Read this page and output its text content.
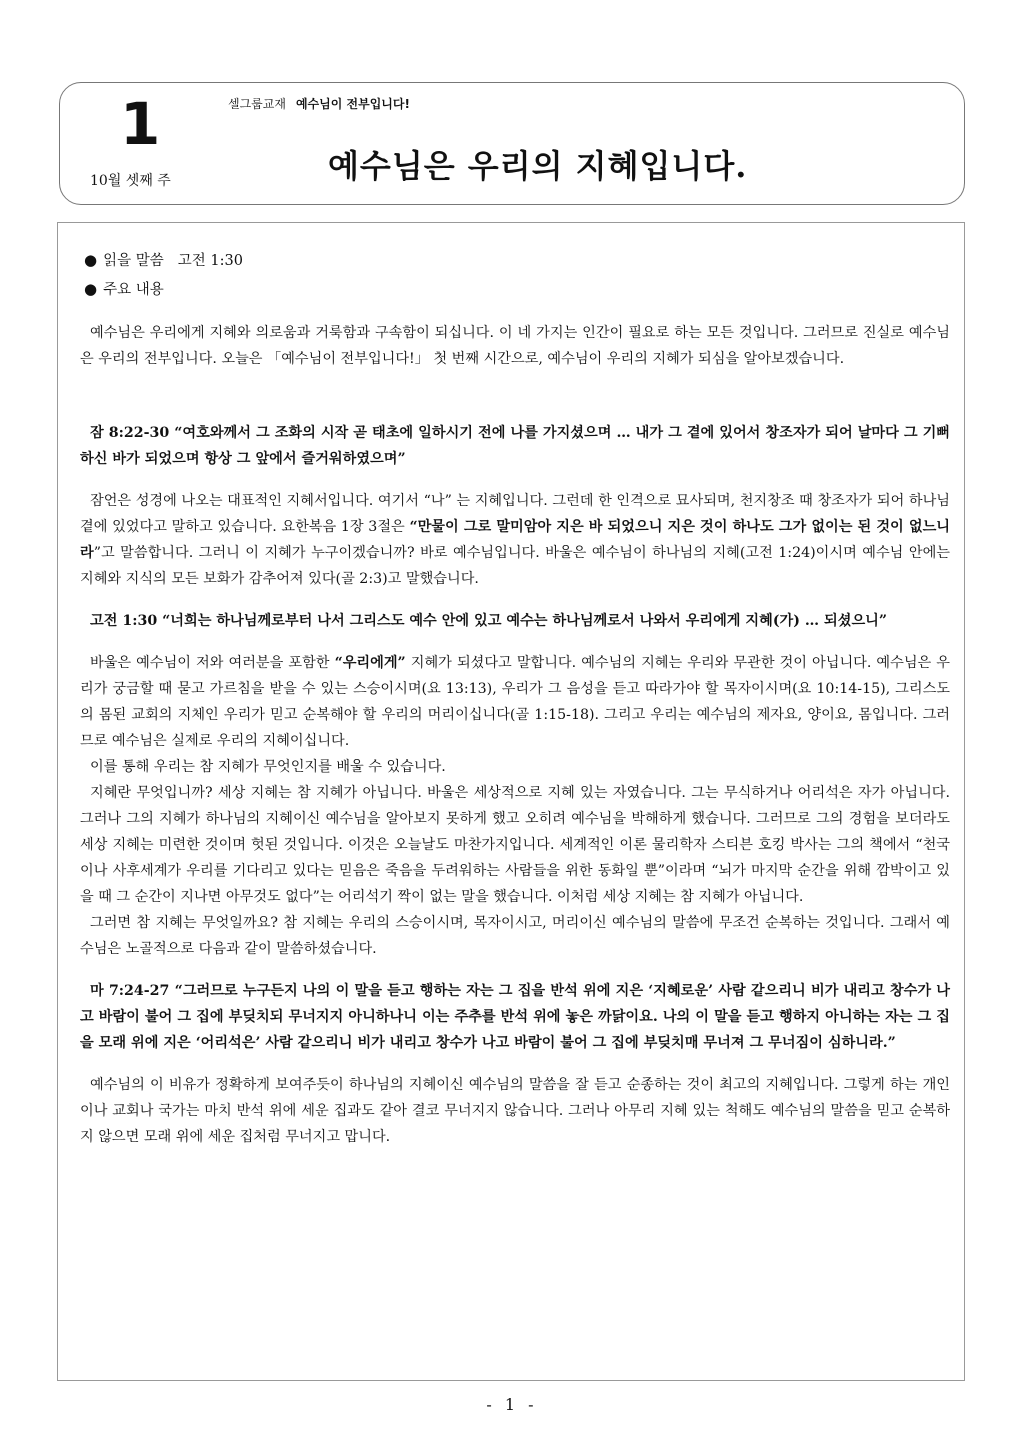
1
10월 셋째 주
셀그룹교재 예수님이 전부입니다!
예수님은 우리의 지혜입니다.
● 읽을 말씀 고전 1:30
● 주요 내용

예수님은 우리에게 지혜와 의로움과 거룩함과 구속함이 되십니다. 이 네 가지는 인간이 필요로 하는 모든 것입니다. 그러므로 진실로 예수님은 우리의 전부입니다. 오늘은 「예수님이 전부입니다!」 첫 번째 시간으로, 예수님이 우리의 지혜가 되심을 알아보겠습니다.

잠 8:22-30 “여호와께서 그 조화의 시작 곧 태초에 일하시기 전에 나를 가지셨으며 … 내가 그 곁에 있어서 창조자가 되어 날마다 그 기뻐하신 바가 되었으며 항상 그 앞에서 즐거워하였으며”

잠언은 성경에 나오는 대표적인 지혜서입니다. 여기서 “나” 는 지혜입니다. 그런데 한 인격으로 묘사되며, 천지창조 때 창조자가 되어 하나님 곁에 있었다고 말하고 있습니다. 요한복음 1장 3절은 “만물이 그로 말미암아 지은 바 되었으니 지은 것이 하나도 그가 없이는 된 것이 없느니라”고 말씀합니다. 그러니 이 지혜가 누구이겠습니까? 바로 예수님입니다. 바울은 예수님이 하나님의 지혜(고전 1:24)이시며 예수님 안에는 지혜와 지식의 모든 보화가 감추어져 있다(골 2:3)고 말했습니다.

고전 1:30 “너희는 하나님께로부터 나서 그리스도 예수 안에 있고 예수는 하나님께로서 나와서 우리에게 지혜(가) … 되셨으니”

바울은 예수님이 저와 여러분을 포함한 “우리에게” 지혜가 되셨다고 말합니다. 예수님의 지혜는 우리와 무관한 것이 아닙니다. 예수님은 우리가 궁금할 때 묻고 가르침을 받을 수 있는 스승이시며(요 13:13), 우리가 그 음성을 듣고 따라가야 할 목자이시며(요 10:14-15), 그리스도의 몸된 교회의 지체인 우리가 믿고 순복해야 할 우리의 머리이십니다(골 1:15-18). 그리고 우리는 예수님의 제자요, 양이요, 몸입니다. 그러므로 예수님은 실제로 우리의 지혜이십니다.

이를 통해 우리는 참 지혜가 무엇인지를 배울 수 있습니다.

지혜란 무엇입니까? 세상 지혜는 참 지혜가 아닙니다. 바울은 세상적으로 지혜 있는 자였습니다. 그는 무식하거나 어리석은 자가 아닙니다. 그러나 그의 지혜가 하나님의 지혜이신 예수님을 알아보지 못하게 했고 오히려 예수님을 박해하게 했습니다. 그러므로 그의 경험을 보더라도 세상 지혜는 미련한 것이며 헛된 것입니다. 이것은 오늘날도 마찬가지입니다. 세계적인 이론 물리학자 스티븐 호킹 박사는 그의 책에서 “천국이나 사후세계가 우리를 기다리고 있다는 믿음은 죽음을 두려워하는 사람들을 위한 동화일 뿐”이라며 “뇌가 마지막 순간을 위해 깜박이고 있을 때 그 순간이 지나면 아무것도 없다”는 어리석기 짝이 없는 말을 했습니다. 이처럼 세상 지혜는 참 지혜가 아닙니다.

그러면 참 지혜는 무엇일까요? 참 지혜는 우리의 스승이시며, 목자이시고, 머리이신 예수님의 말씀에 무조건 순복하는 것입니다. 그래서 예수님은 노골적으로 다음과 같이 말씀하셨습니다.

마 7:24-27 “그러므로 누구든지 나의 이 말을 듣고 행하는 자는 그 집을 반석 위에 지은 ‘지혜로운’ 사람 같으리니 비가 내리고 창수가 나고 바람이 불어 그 집에 부딪치되 무너지지 아니하나니 이는 주추를 반석 위에 놓은 까닭이요. 나의 이 말을 듣고 행하지 아니하는 자는 그 집을 모래 위에 지은 ‘어리석은’ 사람 같으리니 비가 내리고 창수가 나고 바람이 불어 그 집에 부딪치매 무너져 그 무너짐이 심하니라.”

예수님의 이 비유가 정확하게 보여주듯이 하나님의 지혜이신 예수님의 말씀을 잘 듣고 순종하는 것이 최고의 지혜입니다. 그렇게 하는 개인이나 교회나 국가는 마치 반석 위에 세운 집과도 같아 결코 무너지지 않습니다. 그러나 아무리 지혜 있는 척해도 예수님의 말씀을 믿고 순복하지 않으면 모래 위에 세운 집처럼 무너지고 맙니다.

- 1 -
